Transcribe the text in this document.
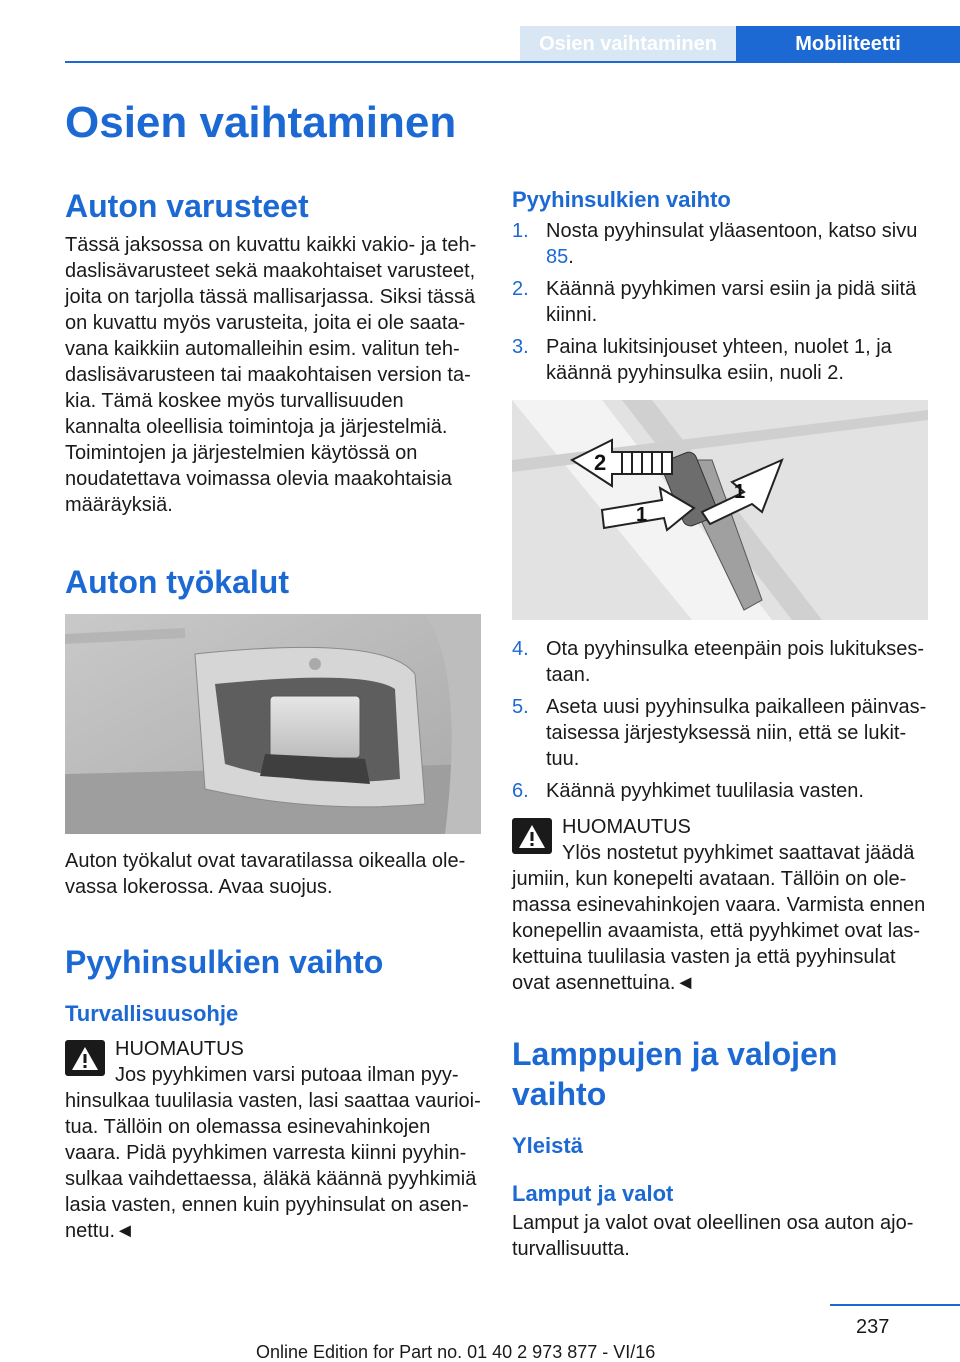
Osien vaihtaminen	Mobiliteetti
Osien vaihtaminen
Auton varusteet

Tässä jaksossa on kuvattu kaikki vakio- ja tehdaslisävarusteet sekä maakohtaiset varusteet, joita on tarjolla tässä mallisarjassa. Siksi tässä on kuvattu myös varusteita, joita ei ole saatavana kaikkiin automalleihin esim. valitun tehdaslisävarusteen tai maakohtaisen version takia. Tämä koskee myös turvallisuuden kannalta oleellisia toimintoja ja järjestelmiä. Toimintojen ja järjestelmien käytössä on noudatettava voimassa olevia maakohtaisia määräyksiä.

Auton työkalut

Auton työkalut ovat tavaratilassa oikealla olevassa lokerossa. Avaa suojus.

Pyyhinsulkien vaihto
Turvallisuusohje
HUOMAUTUS
Jos pyyhkimen varsi putoaa ilman pyyhinsulkaa tuulilasia vasten, lasi saattaa vaurioitua. Tällöin on olemassa esinevahinkojen vaara. Pidä pyyhkimen varresta kiinni pyyhinsulkaa vaihdettaessa, äläkä käännä pyyhkimiä lasia vasten, ennen kuin pyyhinsulat on asennettu.◄
Pyyhinsulkien vaihto
1. Nosta pyyhinsulat yläasentoon, katso sivu 85.
2. Käännä pyyhkimen varsi esiin ja pidä siitä kiinni.
3. Paina lukitsinjouset yhteen, nuolet 1, ja käännä pyyhinsulka esiin, nuoli 2.
2
1
1
4. Ota pyyhinsulka eteenpäin pois lukituksestaan.
5. Aseta uusi pyyhinsulka paikalleen päinvastaisessa järjestyksessä niin, että se lukittuu.
6. Käännä pyyhkimet tuulilasia vasten.
HUOMAUTUS
Ylös nostetut pyyhkimet saattavat jäädä jumiin, kun konepelti avataan. Tällöin on olemassa esinevahinkojen vaara. Varmista ennen konepellin avaamista, että pyyhkimet ovat laskettuina tuulilasia vasten ja että pyyhinsulat ovat asennettuina.◄
Lamppujen ja valojen vaihto
Yleistä
Lamput ja valot

Lamput ja valot ovat oleellinen osa auton ajoturvallisuutta.

237
Online Edition for Part no. 01 40 2 973 877 - VI/16
